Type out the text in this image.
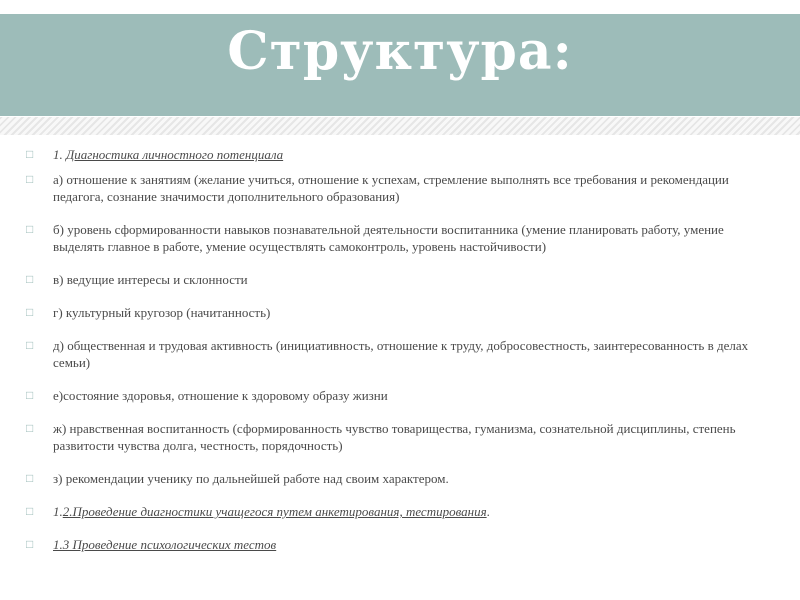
Структура:
□	1. Диагностика личностного потенциала
□	а) отношение к занятиям (желание учиться, отношение к успехам, стремление выполнять все требования и рекомендации педагога, сознание значимости дополнительного образования)
□	б) уровень сформированности навыков познавательной деятельности воспитанника (умение планировать работу, умение выделять главное в работе, умение осуществлять самоконтроль, уровень настойчивости)
□	в) ведущие интересы и склонности
□	г) культурный кругозор (начитанность)
□	д) общественная и трудовая активность (инициативность, отношение к труду, добросовестность, заинтересованность в делах семьи)
□	е)состояние здоровья, отношение к здоровому образу жизни
□	ж) нравственная воспитанность (сформированность чувство товарищества, гуманизма, сознательной дисциплины, степень развитости чувства долга, честность, порядочность)
□	з) рекомендации ученику по дальнейшей работе над своим характером.
□	1.2.Проведение диагностики учащегося путем анкетирования, тестирования.
□	1.3 Проведение психологических тестов
